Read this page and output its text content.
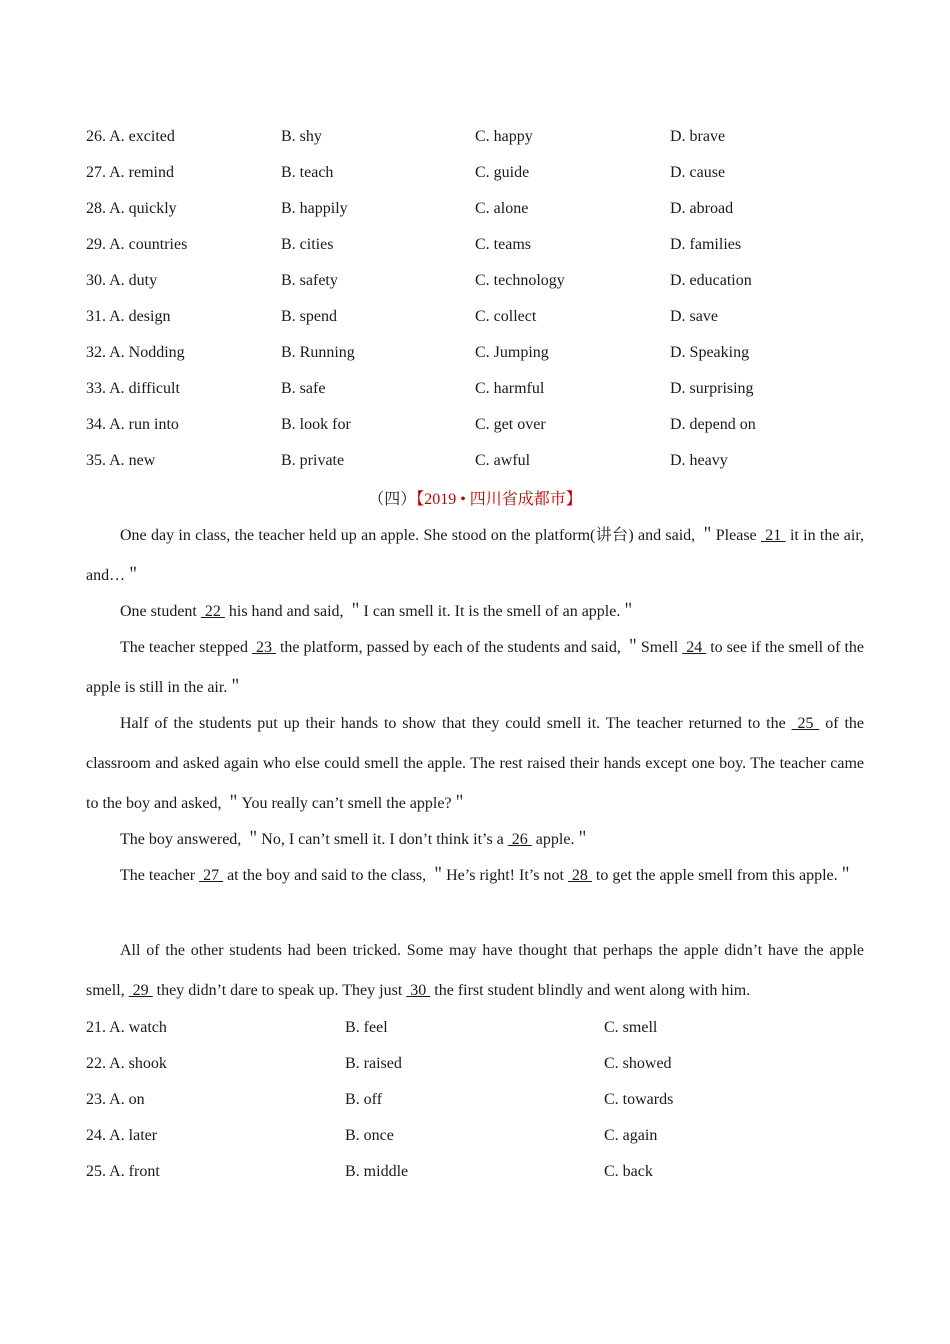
26. A. excited	B. shy	C. happy	D. brave
27. A. remind	B. teach	C. guide	D. cause
28. A. quickly	B. happily	C. alone	D. abroad
29. A. countries	B. cities	C. teams	D. families
30. A. duty	B. safety	C. technology	D. education
31. A. design	B. spend	C. collect	D. save
32. A. Nodding	B. Running	C. Jumping	D. Speaking
33. A. difficult	B. safe	C. harmful	D. surprising
34. A. run into	B. look for	C. get over	D. depend on
35. A. new	B. private	C. awful	D. heavy
（四）【2019 • 四川省成都市】

One day in class, the teacher held up an apple. She stood on the platform(讲台) and said, ＂Please  21  it in the air, and…＂

One student  22  his hand and said, ＂I can smell it. It is the smell of an apple.＂

The teacher stepped  23  the platform, passed by each of the students and said, ＂Smell  24  to see if the smell of the apple is still in the air.＂

Half of the students put up their hands to show that they could smell it. The teacher returned to the  25  of the classroom and asked again who else could smell the apple. The rest raised their hands except one boy. The teacher came to the boy and asked, ＂You really can’t smell the apple?＂

The boy answered, ＂No, I can’t smell it. I don’t think it’s a  26  apple.＂

The teacher  27  at the boy and said to the class, ＂He’s right! It’s not  28  to get the apple smell from this apple.＂

All of the other students had been tricked. Some may have thought that perhaps the apple didn’t have the apple smell,  29  they didn’t dare to speak up. They just  30  the first student blindly and went along with him.

21. A. watch	B. feel	C. smell
22. A. shook	B. raised	C. showed
23. A. on	B. off	C. towards
24. A. later	B. once	C. again
25. A. front	B. middle	C. back
